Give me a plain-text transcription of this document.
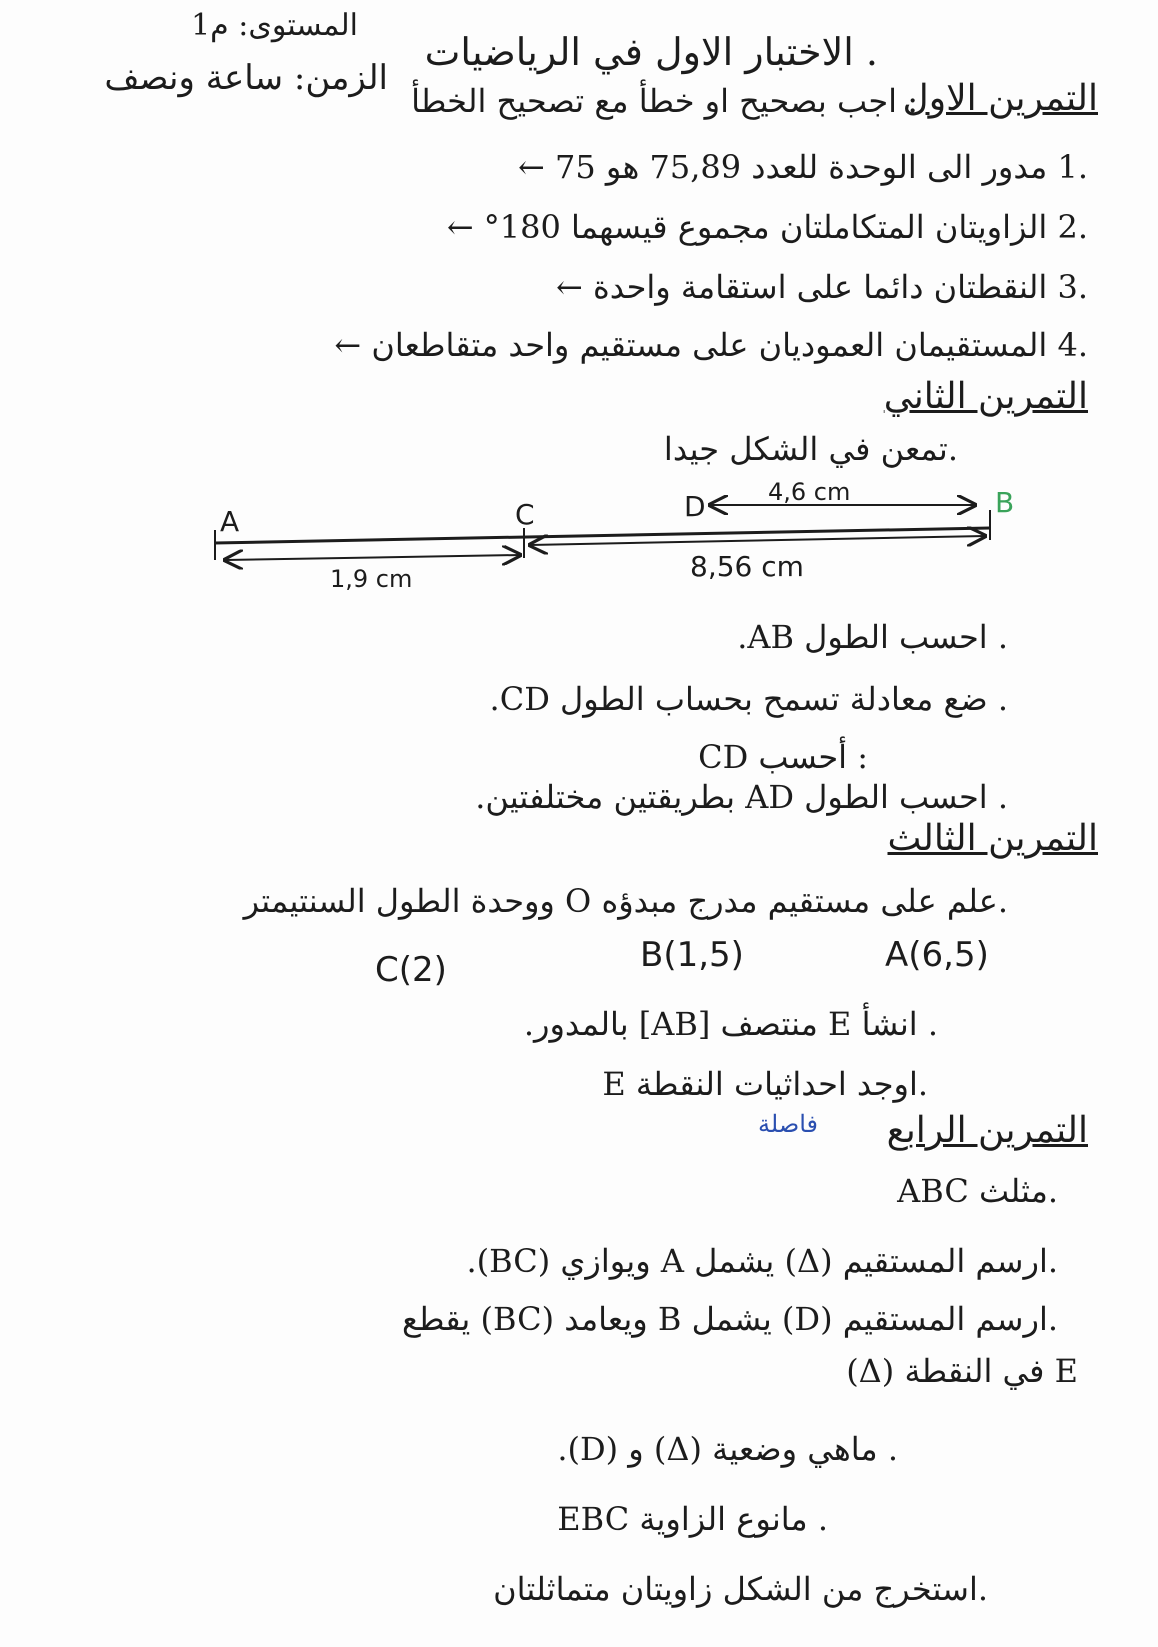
المستوى: م1
الزمن: ساعة ونصف
. الاختبار الاول في الرياضيات
التمرين الاول
: اجب بصحيح او خطأ مع تصحيح الخطأ
.1 مدور الى الوحدة للعدد 75,89 هو 75 ←
.2 الزاويتان المتكاملتان مجموع قيسهما 180° ←
.3 النقطتان دائما على استقامة واحدة ←
.4 المستقيمان العموديان على مستقيم واحد متقاطعان ←
التمرين الثاني
.تمعن في الشكل جيدا
A	C	D	B
4,6 cm
1,9 cm	8,56 cm
. احسب الطول AB.
. ضع معادلة تسمح بحساب الطول CD.
: أحسب CD
. احسب الطول AD بطريقتين مختلفتين.
التمرين الثالث
.علم على مستقيم مدرج مبدؤه O ووحدة الطول السنتيمتر
A(6,5)
B(1,5)
C(2)
. انشأ E منتصف [AB] بالمدور.
.اوجد احداثيات النقطة E
فاصلة التمرين الرابع
.مثلث ABC
.ارسم المستقيم (Δ) يشمل A ويوازي (BC).
.ارسم المستقيم (D) يشمل B ويعامد (BC) يقطع
(Δ) في النقطة E
. ماهي وضعية (Δ) و (D).
. مانوع الزاوية EBC
.استخرج من الشكل زاويتان متماثلتان
